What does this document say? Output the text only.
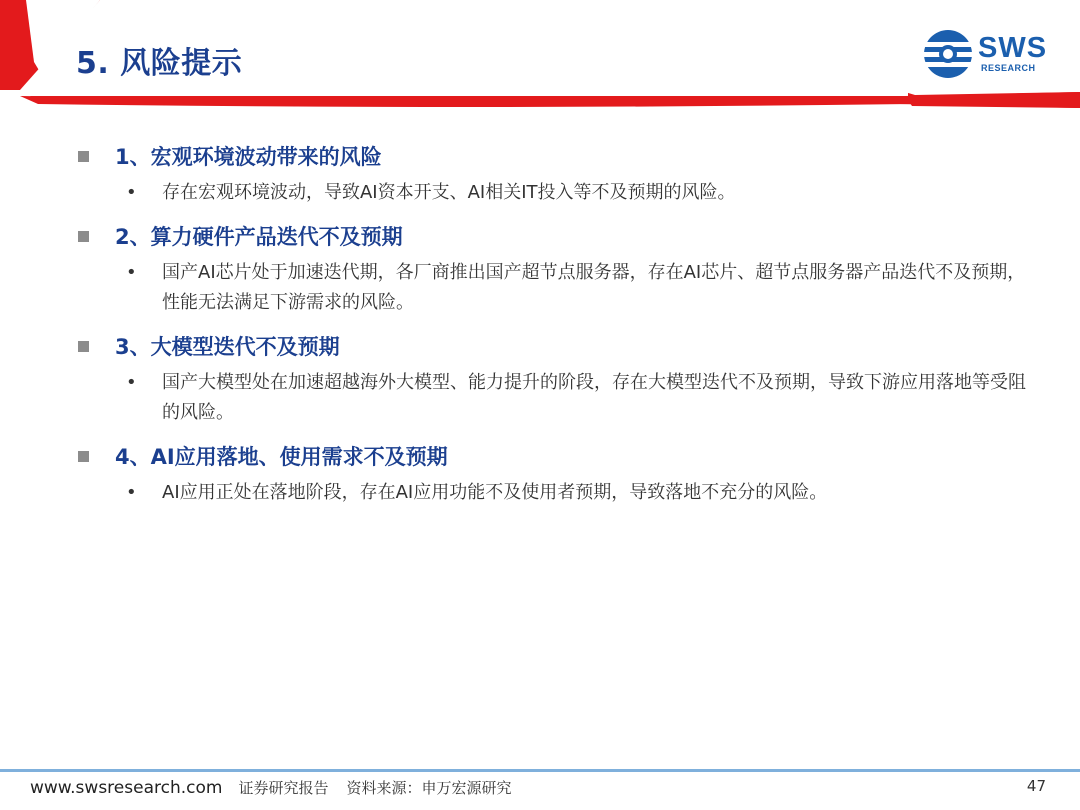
5. 风险提示	SWS
RESEARCH
1、宏观环境波动带来的风险
•	存在宏观环境波动，导致AI资本开支、AI相关IT投入等不及预期的风险。
2、算力硬件产品迭代不及预期
•	国产AI芯片处于加速迭代期，各厂商推出国产超节点服务器，存在AI芯片、超节点服务器产品迭代不及预期，性能无法满足下游需求的风险。
3、大模型迭代不及预期
•	国产大模型处在加速超越海外大模型、能力提升的阶段，存在大模型迭代不及预期，导致下游应用落地等受阻的风险。
4、AI应用落地、使用需求不及预期
•	AI应用正处在落地阶段，存在AI应用功能不及使用者预期，导致落地不充分的风险。
www.swsresearch.com 证券研究报告 资料来源：申万宏源研究	47
